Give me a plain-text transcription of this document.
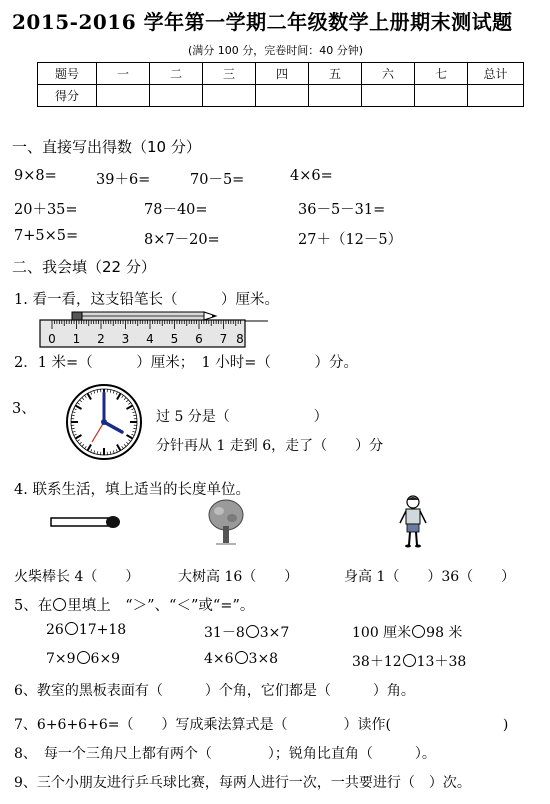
2015-2016 学年第一学期二年级数学上册期末测试题
(满分 100 分，完卷时间：40 分钟)
题号	一	二	三	四	五	六	七	总计
得分								
一、直接写出得数（10 分）
9×8=	39＋6=	70－5=	4×6=
20＋35=	78－40=	36－5－31=
7+5×5=	8×7－20=	27＋（12－5）
二、我会填（22 分）
1. 看一看，这支铅笔长（　　　）厘米。
0 1 2 3 4 5 6 7 8
2．1 米=（　　　）厘米；　1 小时=（　　　）分。
3、	过 5 分是（　　　　　　）
分针再从 1 走到 6，走了（　　）分
4. 联系生活，填上适当的长度单位。
火柴棒长 4（　　）	大树高 16（　　）	身高 1（　　）36（　　）
5、在 里填上　“＞”、“＜”或“=”。
26 17+18	31－8 3×7	100 厘米 98 米
7×9 6×9	4×6 3×8	38＋12 13＋38
6、教室的黑板表面有（　　　）个角，它们都是（　　　）角。
7、6+6+6+6=（　　）写成乘法算式是（　　　　）读作(　　　　　　　　)
8、　每一个三角尺上都有两个（　　　　）；锐角比直角（　　　）。
9、三个小朋友进行乒乓球比赛，每两人进行一次，一共要进行（　）次。
